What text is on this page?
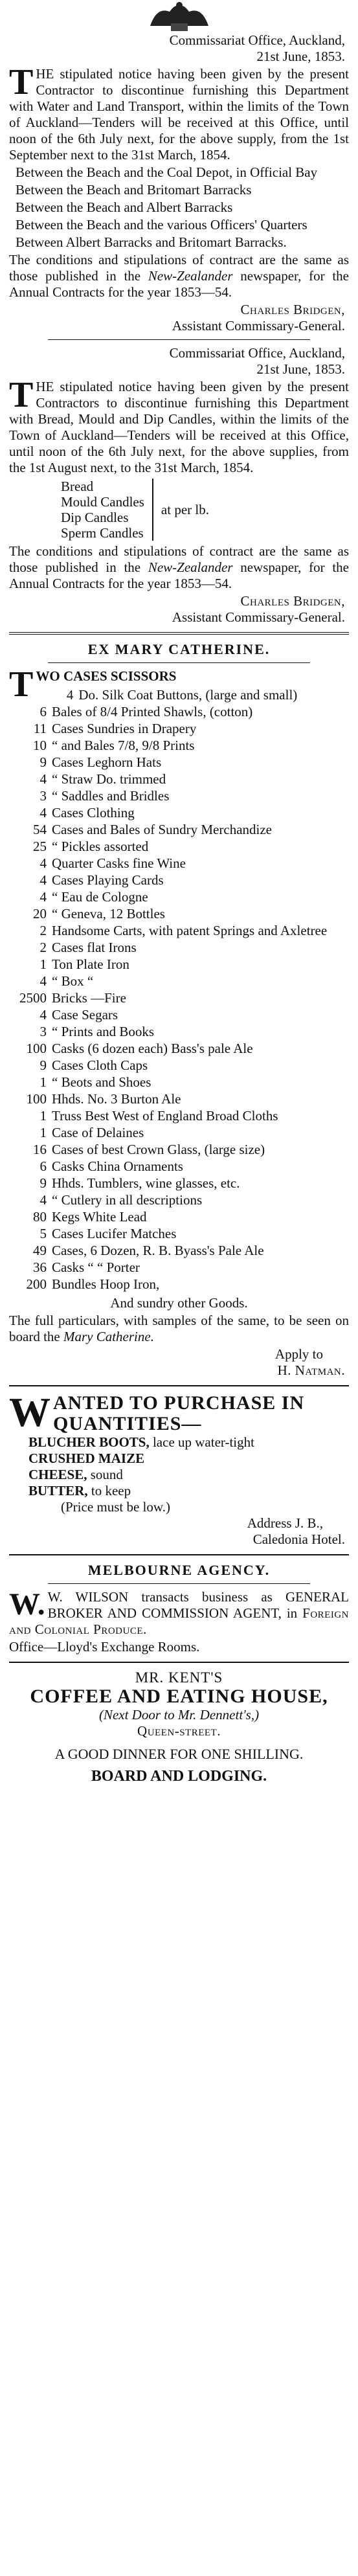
Commissariat Office, Auckland,
21st June, 1853.

THE stipulated notice having been given by the present Contractor to discontinue furnishing this Department with Water and Land Transport, within the limits of the Town of Auckland—Tenders will be received at this Office, until noon of the 6th July next, for the above supply, from the 1st September next to the 31st March, 1854.

Between the Beach and the Coal Depot, in Official Bay
Between the Beach and Britomart Barracks
Between the Beach and Albert Barracks
Between the Beach and the various Officers' Quarters
Between Albert Barracks and Britomart Barracks.

The conditions and stipulations of contract are the same as those published in the New-Zealander newspaper, for the Annual Contracts for the year 1853—54.

Charles Bridgen,
Assistant Commissary-General.
Commissariat Office, Auckland,
21st June, 1853.

THE stipulated notice having been given by the present Contractors to discontinue furnishing this Department with Bread, Mould and Dip Candles, within the limits of the Town of Auckland—Tenders will be received at this Office, until noon of the 6th July next, for the above supplies, from the 1st August next, to the 31st March, 1854.

Bread
Mould Candles
Dip Candles
Sperm Candles
at per lb.

The conditions and stipulations of contract are the same as those published in the New-Zealander newspaper, for the Annual Contracts for the year 1853—54.

Charles Bridgen,
Assistant Commissary-General.
EX MARY CATHERINE.
TWO CASES SCISSORS
4 Do. Silk Coat Buttons, (large and small)
6 Bales of 8/4 Printed Shawls, (cotton)
11 Cases Sundries in Drapery
10 “ and Bales 7/8, 9/8 Prints
9 Cases Leghorn Hats
4 “ Straw Do. trimmed
3 “ Saddles and Bridles
4 Cases Clothing
54 Cases and Bales of Sundry Merchandize
25 “ Pickles assorted
4 Quarter Casks fine Wine
4 Cases Playing Cards
4 “ Eau de Cologne
20 “ Geneva, 12 Bottles
2 Handsome Carts, with patent Springs and Axletree
2 Cases flat Irons
1 Ton Plate Iron
4 “ Box “
2500 Bricks —Fire
4 Case Segars
3 “ Prints and Books
100 Casks (6 dozen each) Bass's pale Ale
9 Cases Cloth Caps
1 “ Beots and Shoes
100 Hhds. No. 3 Burton Ale
1 Truss Best West of England Broad Cloths
1 Case of Delaines
16 Cases of best Crown Glass, (large size)
6 Casks China Ornaments
9 Hhds. Tumblers, wine glasses, etc.
4 “ Cutlery in all descriptions
80 Kegs White Lead
5 Cases Lucifer Matches
49 Cases, 6 Dozen, R. B. Byass's Pale Ale
36 Casks “ “ Porter
200 Bundles Hoop Iron,
And sundry other Goods.

The full particulars, with samples of the same, to be seen on board the Mary Catherine.

Apply to
H. Natman.
W ANTED TO PURCHASE IN
QUANTITIES—
BLUCHER BOOTS, lace up water-tight
CRUSHED MAIZE
CHEESE, sound
BUTTER, to keep
(Price must be low.)
Address J. B.,
Caledonia Hotel.
MELBOURNE AGENCY.

W. W. WILSON transacts business as GENERAL BROKER AND COMMISSION AGENT, in Foreign and Colonial Produce.

Office—Lloyd's Exchange Rooms.
MR. KENT'S
COFFEE AND EATING HOUSE,
(Next Door to Mr. Dennett's,)
Queen-street.
A GOOD DINNER FOR ONE SHILLING.
BOARD AND LODGING.
